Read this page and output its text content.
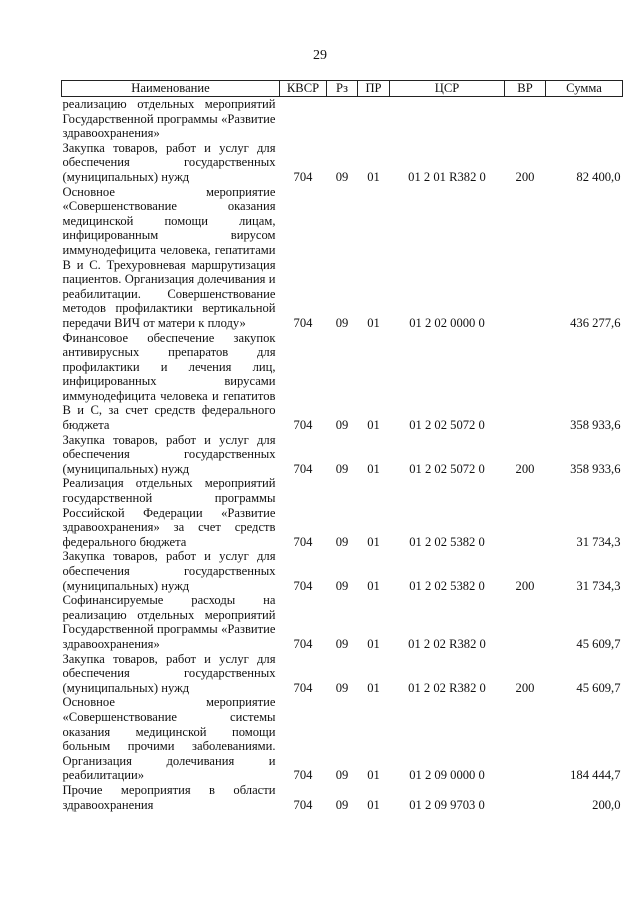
29
Наименование	КВСР	Рз	ПР	ЦСР	ВР	Сумма
реализацию отдельных мероприятий Государственной программы «Развитие здравоохранения»						
Закупка товаров, работ и услуг для обеспечения государственных (муниципальных) нужд	704	09	01	01 2 01 R382 0	200	82 400,0
Основное мероприятие «Совершенствование оказания медицинской помощи лицам, инфицированным вирусом иммунодефицита человека, гепатитами В и С. Трехуровневая маршрутизация пациентов. Организация долечивания и реабилитации. Совершенствование методов профилактики вертикальной передачи ВИЧ от матери к плоду»	704	09	01	01 2 02 0000 0		436 277,6
Финансовое обеспечение закупок антивирусных препаратов для профилактики и лечения лиц, инфицированных вирусами иммунодефицита человека и гепатитов В и С, за счет средств федерального бюджета	704	09	01	01 2 02 5072 0		358 933,6
Закупка товаров, работ и услуг для обеспечения государственных (муниципальных) нужд	704	09	01	01 2 02 5072 0	200	358 933,6
Реализация отдельных мероприятий государственной программы Российской Федерации «Развитие здравоохранения» за счет средств федерального бюджета	704	09	01	01 2 02 5382 0		31 734,3
Закупка товаров, работ и услуг для обеспечения государственных (муниципальных) нужд	704	09	01	01 2 02 5382 0	200	31 734,3
Софинансируемые расходы на реализацию отдельных мероприятий Государственной программы «Развитие здравоохранения»	704	09	01	01 2 02 R382 0		45 609,7
Закупка товаров, работ и услуг для обеспечения государственных (муниципальных) нужд	704	09	01	01 2 02 R382 0	200	45 609,7
Основное мероприятие «Совершенствование системы оказания медицинской помощи больным прочими заболеваниями. Организация долечивания и реабилитации»	704	09	01	01 2 09 0000 0		184 444,7
Прочие мероприятия в области здравоохранения	704	09	01	01 2 09 9703 0		200,0
